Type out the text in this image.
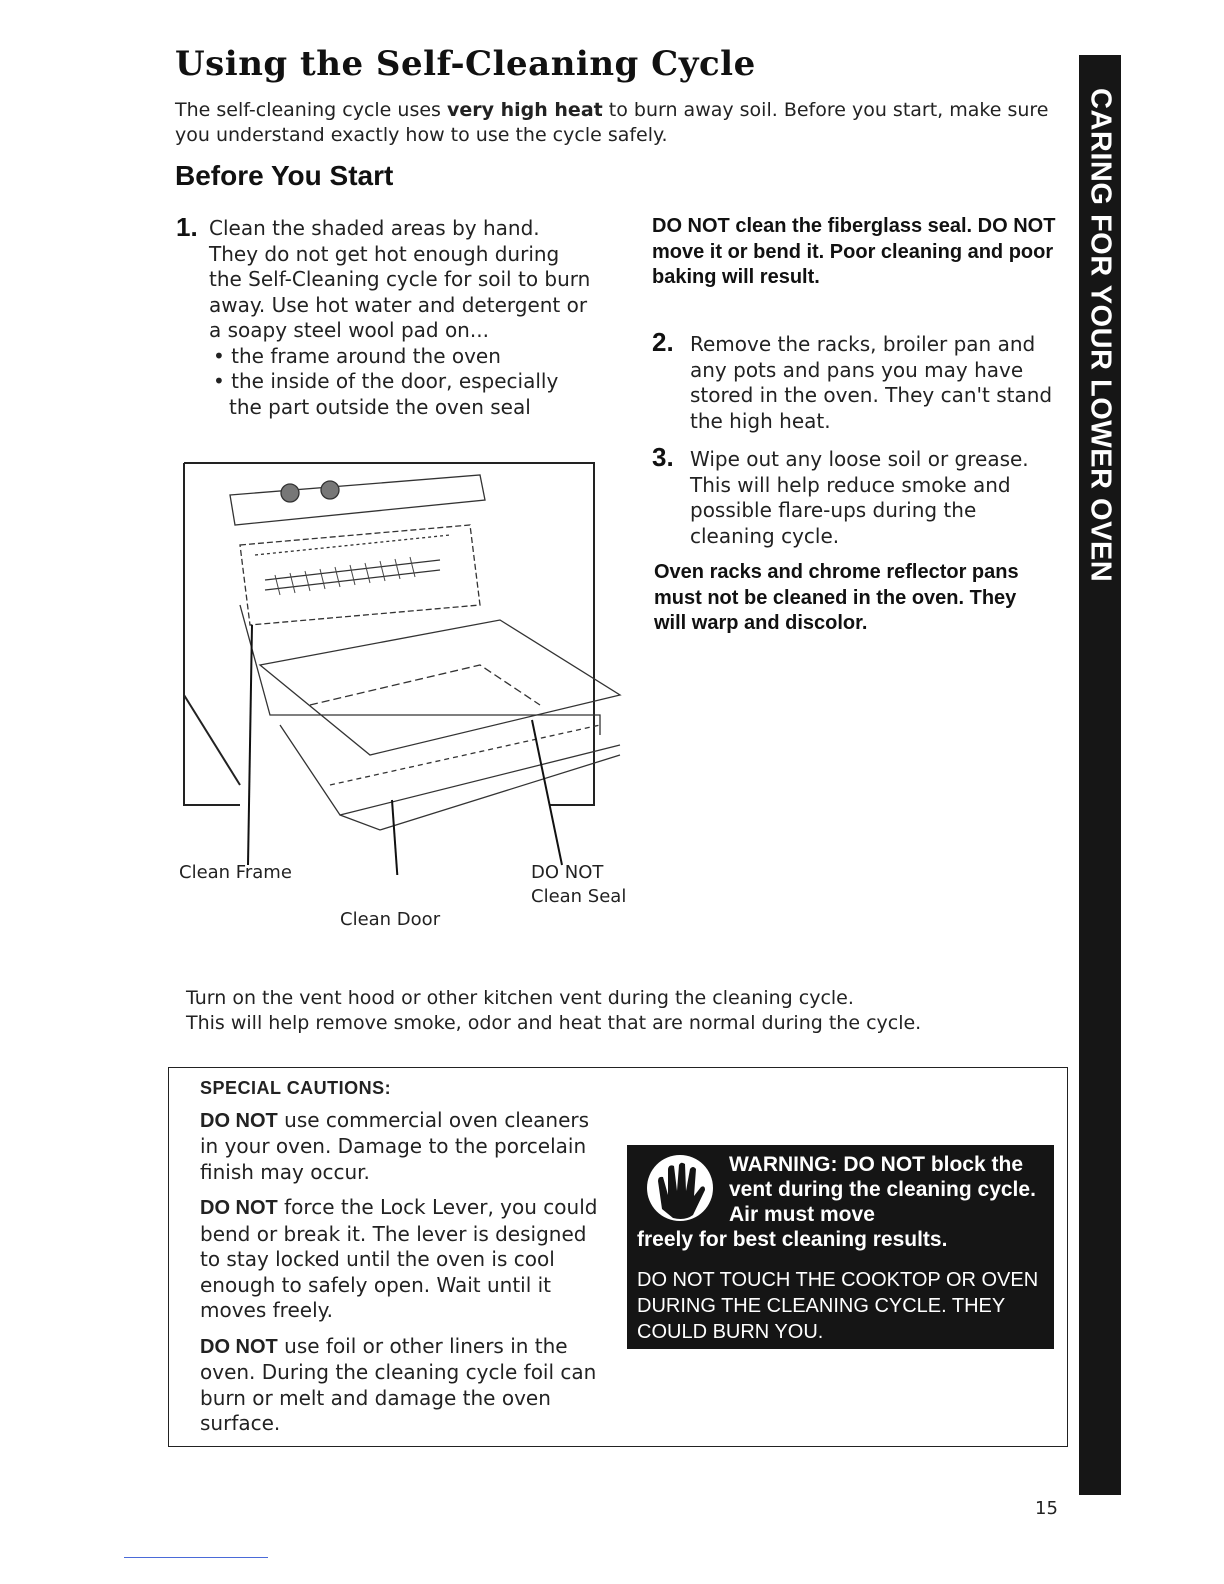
Using the Self-Cleaning Cycle
The self-cleaning cycle uses very high heat to burn away soil. Before you start, make sure you understand exactly how to use the cycle safely.
Before You Start
1. Clean the shaded areas by hand. They do not get hot enough during the Self-Cleaning cycle for soil to burn away. Use hot water and detergent or a soapy steel wool pad on...
• the frame around the oven
• the inside of the door, especially the part outside the oven seal
Clean Frame
Clean Door
DO NOT
Clean Seal
DO NOT clean the fiberglass seal. DO NOT move it or bend it. Poor cleaning and poor baking will result.
2. Remove the racks, broiler pan and any pots and pans you may have stored in the oven. They can't stand the high heat.
3. Wipe out any loose soil or grease. This will help reduce smoke and possible flare-ups during the cleaning cycle.
Oven racks and chrome reflector pans must not be cleaned in the oven. They will warp and discolor.
Turn on the vent hood or other kitchen vent during the cleaning cycle.
This will help remove smoke, odor and heat that are normal during the cycle.
SPECIAL CAUTIONS:

DO NOT use commercial oven cleaners in your oven. Damage to the porcelain finish may occur.

DO NOT force the Lock Lever, you could bend or break it. The lever is designed to stay locked until the oven is cool enough to safely open. Wait until it moves freely.

DO NOT use foil or other liners in the oven. During the cleaning cycle foil can burn or melt and damage the oven surface.

WARNING: DO NOT block the vent during the cleaning cycle. Air must move
freely for best cleaning results.
DO NOT TOUCH THE COOKTOP OR OVEN DURING THE CLEANING CYCLE. THEY COULD BURN YOU.
CARING FOR YOUR LOWER OVEN
15
